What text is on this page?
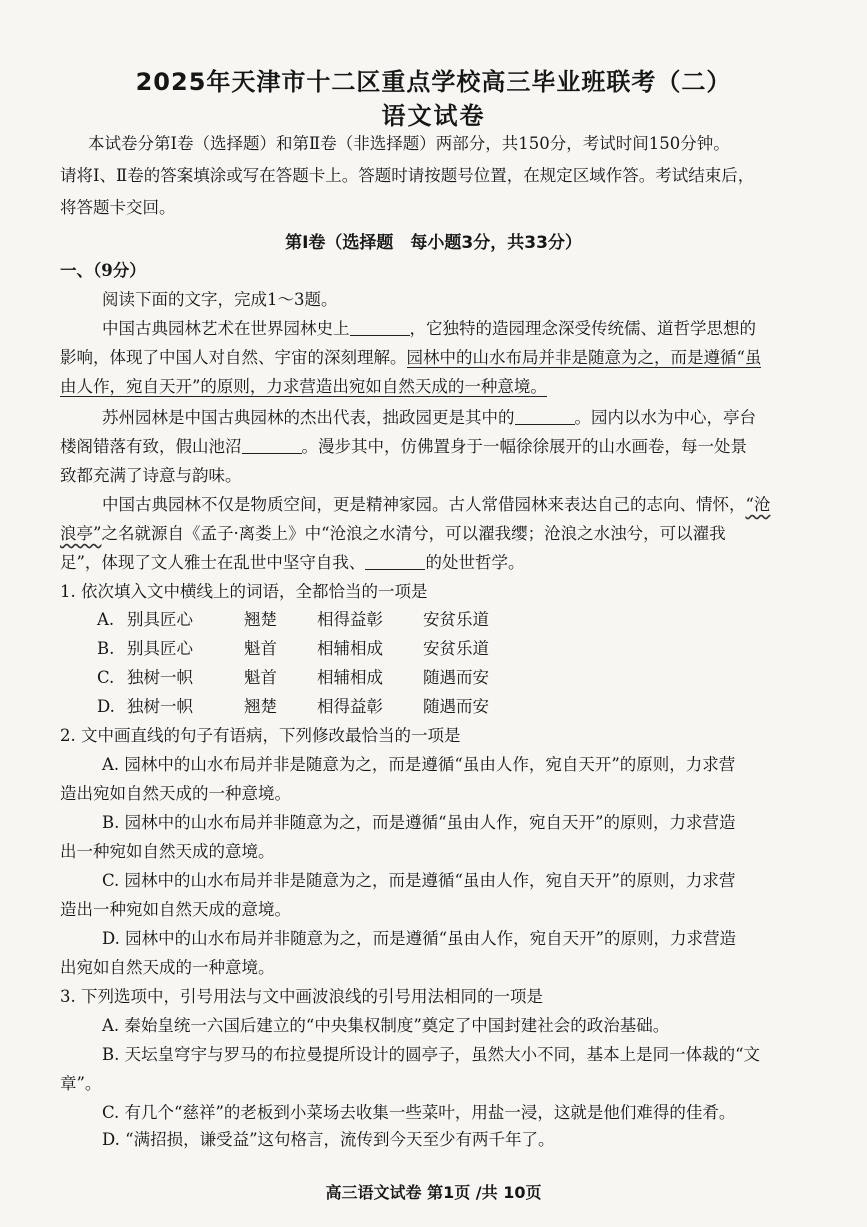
2025年天津市十二区重点学校高三毕业班联考（二）
语文试卷
本试卷分第Ⅰ卷（选择题）和第Ⅱ卷（非选择题）两部分，共150分，考试时间150分钟。
请将Ⅰ、Ⅱ卷的答案填涂或写在答题卡上。答题时请按题号位置，在规定区域作答。考试结束后，
将答题卡交回。
第Ⅰ卷（选择题　每小题3分，共33分）
一、（9分）
阅读下面的文字，完成1～3题。
中国古典园林艺术在世界园林史上	，它独特的造园理念深受传统儒、道哲学思想的
影响，体现了中国人对自然、宇宙的深刻理解。园林中的山水布局并非是随意为之，而是遵循“虽
由人作，宛自天开”的原则，力求营造出宛如自然天成的一种意境。
苏州园林是中国古典园林的杰出代表，拙政园更是其中的	。园内以水为中心，亭台
楼阁错落有致，假山池沼	。漫步其中，仿佛置身于一幅徐徐展开的山水画卷，每一处景
致都充满了诗意与韵味。
中国古典园林不仅是物质空间，更是精神家园。古人常借园林来表达自己的志向、情怀，“沧
浪亭”之名就源自《孟子·离娄上》中“沧浪之水清兮，可以濯我缨；沧浪之水浊兮，可以濯我
足”，体现了文人雅士在乱世中坚守自我、	的处世哲学。
1. 依次填入文中横线上的词语，全都恰当的一项是
A. 别具匠心	翘楚 相得益彰 安贫乐道
B. 别具匠心	魁首 相辅相成 安贫乐道
C. 独树一帜	魁首 相辅相成 随遇而安
D. 独树一帜	翘楚 相得益彰 随遇而安
2. 文中画直线的句子有语病，下列修改最恰当的一项是
A. 园林中的山水布局并非是随意为之，而是遵循“虽由人作，宛自天开”的原则，力求营
造出宛如自然天成的一种意境。
B. 园林中的山水布局并非随意为之，而是遵循“虽由人作，宛自天开”的原则，力求营造
出一种宛如自然天成的意境。
C. 园林中的山水布局并非是随意为之，而是遵循“虽由人作，宛自天开”的原则，力求营
造出一种宛如自然天成的意境。
D. 园林中的山水布局并非随意为之，而是遵循“虽由人作，宛自天开”的原则，力求营造
出宛如自然天成的一种意境。
3. 下列选项中，引号用法与文中画波浪线的引号用法相同的一项是
A. 秦始皇统一六国后建立的“中央集权制度”奠定了中国封建社会的政治基础。
B. 天坛皇穹宇与罗马的布拉曼提所设计的圆亭子，虽然大小不同，基本上是同一体裁的“文
章”。
C. 有几个“慈祥”的老板到小菜场去收集一些菜叶，用盐一浸，这就是他们难得的佳肴。
D. “满招损，谦受益”这句格言，流传到今天至少有两千年了。
高三语文试卷 第1页 /共 10页
